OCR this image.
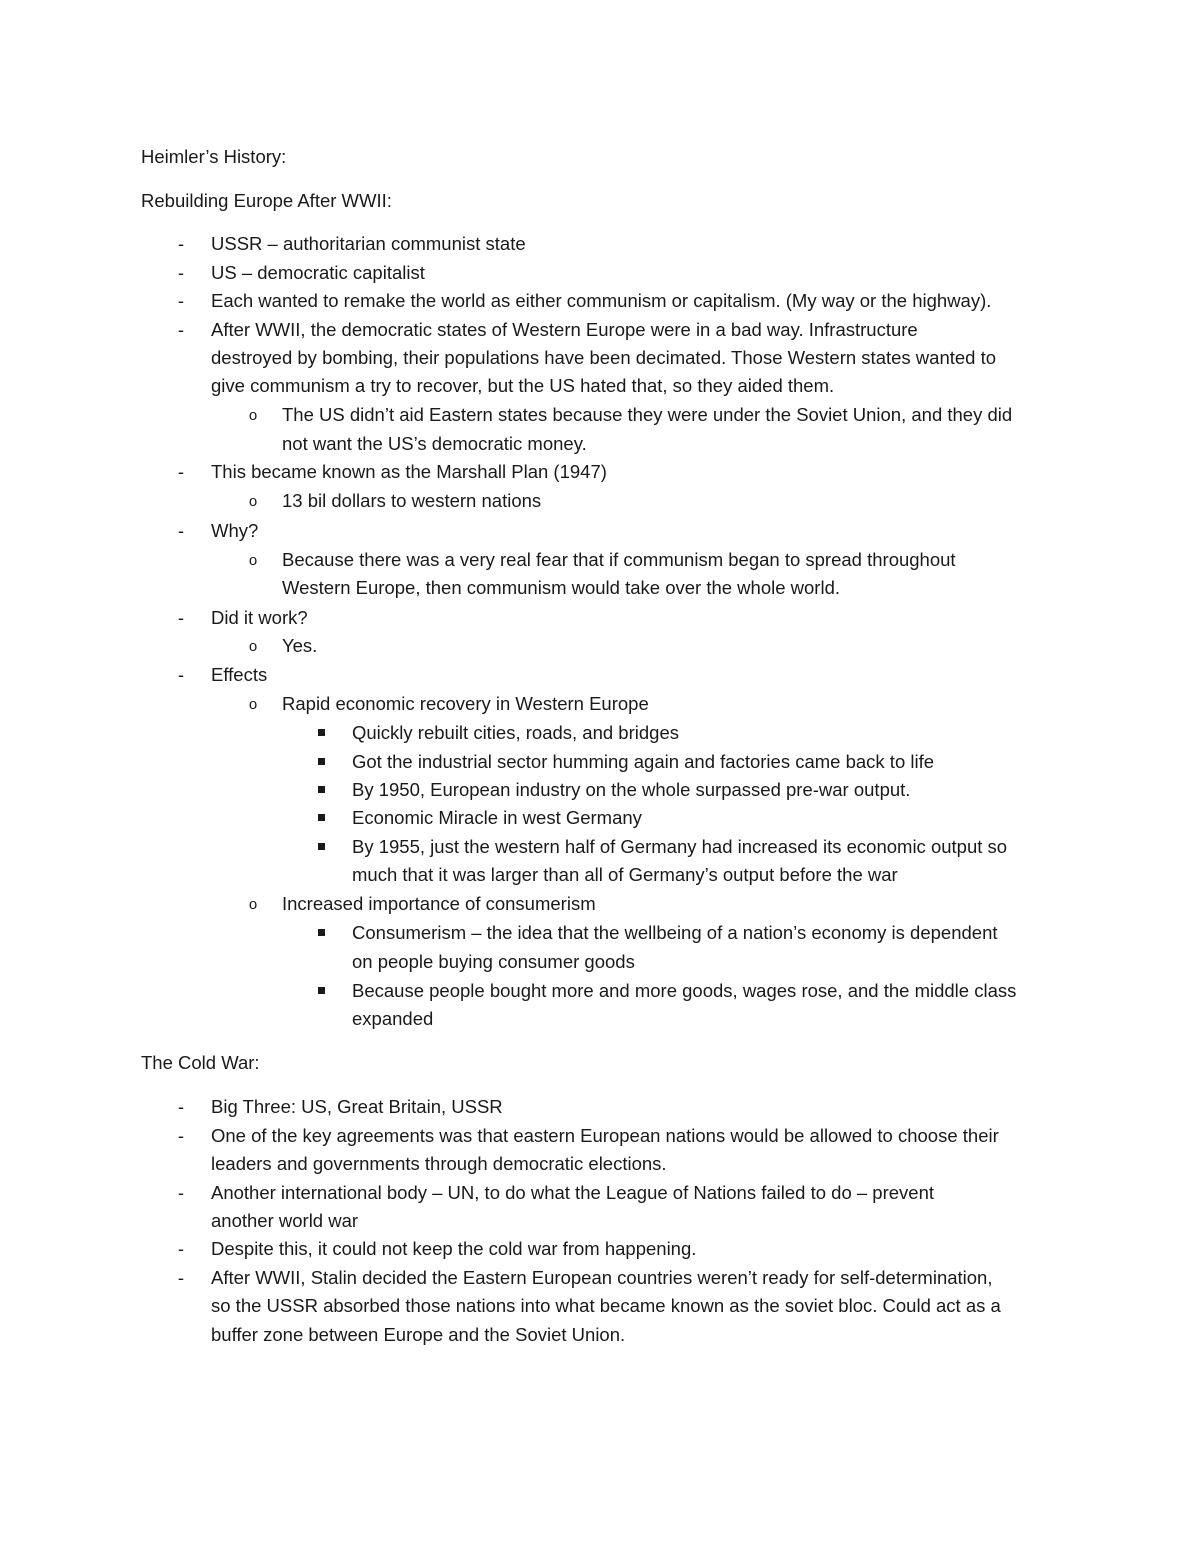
Heimler’s History:
Rebuilding Europe After WWII:
- USSR – authoritarian communist state
- US – democratic capitalist
- Each wanted to remake the world as either communism or capitalism. (My way or the highway).
- After WWII, the democratic states of Western Europe were in a bad way. Infrastructure
destroyed by bombing, their populations have been decimated. Those Western states wanted to
give communism a try to recover, but the US hated that, so they aided them.
o The US didn’t aid Eastern states because they were under the Soviet Union, and they did
not want the US’s democratic money.
- This became known as the Marshall Plan (1947)
o 13 bil dollars to western nations
- Why?
o Because there was a very real fear that if communism began to spread throughout
Western Europe, then communism would take over the whole world.
- Did it work?
o Yes.
- Effects
o Rapid economic recovery in Western Europe
Quickly rebuilt cities, roads, and bridges
Got the industrial sector humming again and factories came back to life
By 1950, European industry on the whole surpassed pre-war output.
Economic Miracle in west Germany
By 1955, just the western half of Germany had increased its economic output so
much that it was larger than all of Germany’s output before the war
o Increased importance of consumerism
Consumerism – the idea that the wellbeing of a nation’s economy is dependent
on people buying consumer goods
Because people bought more and more goods, wages rose, and the middle class
expanded
The Cold War:
- Big Three: US, Great Britain, USSR
- One of the key agreements was that eastern European nations would be allowed to choose their
leaders and governments through democratic elections.
- Another international body – UN, to do what the League of Nations failed to do – prevent
another world war
- Despite this, it could not keep the cold war from happening.
- After WWII, Stalin decided the Eastern European countries weren’t ready for self-determination,
so the USSR absorbed those nations into what became known as the soviet bloc. Could act as a
buffer zone between Europe and the Soviet Union.
